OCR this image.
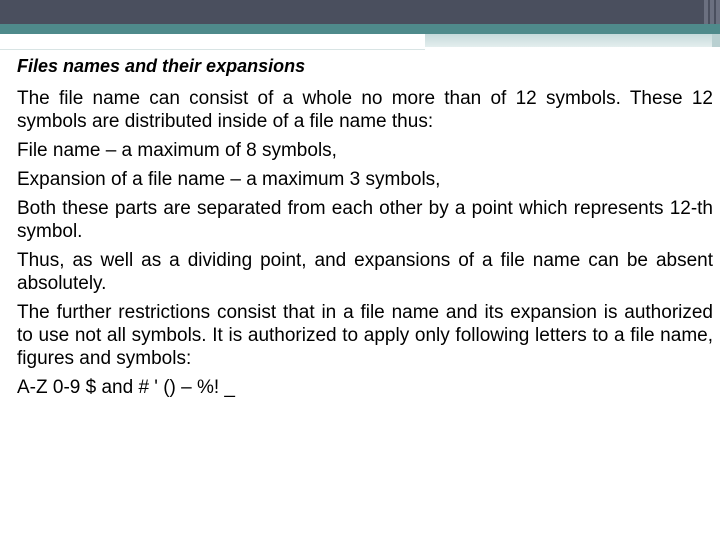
Files names and their expansions

The file name can consist of a whole no more than of 12 symbols. These 12 symbols are distributed inside of a file name thus:

File name – a maximum of 8 symbols,

Expansion of a file name – a maximum 3 symbols,

Both these parts are separated from each other by a point which represents 12-th symbol.

Thus, as well as a dividing point, and expansions of a file name can be absent absolutely.

The further restrictions consist that in a file name and its expansion is authorized to use not all symbols. It is authorized to apply only following letters to a file name, figures and symbols:

A-Z 0-9 $ and # ' () – %! _
